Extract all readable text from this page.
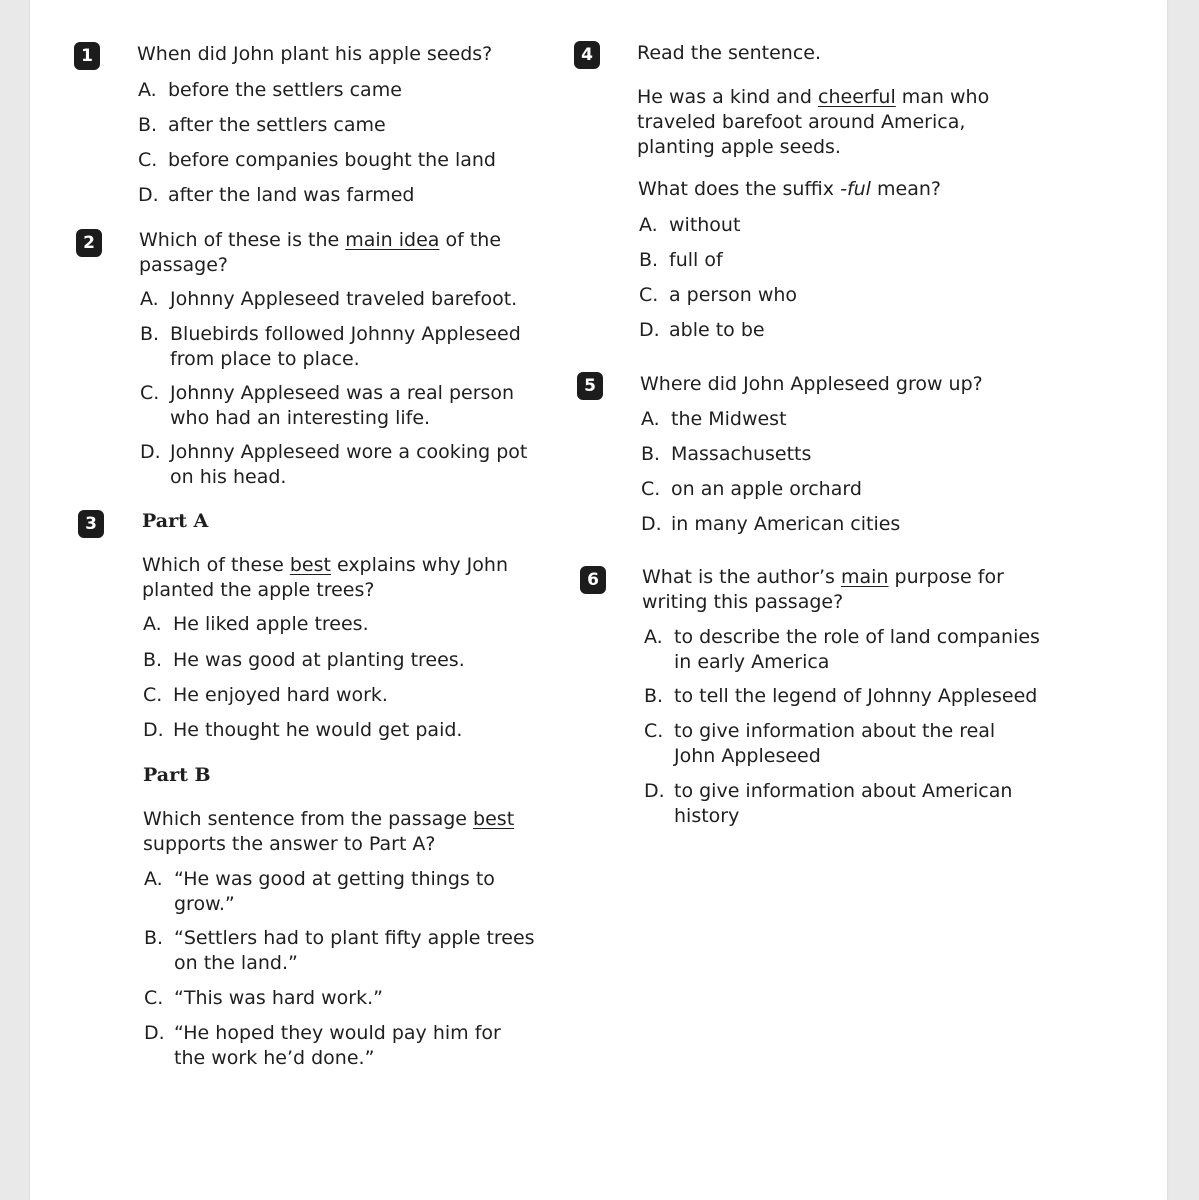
1	When did John plant his apple seeds?
A. before the settlers came
B. after the settlers came
C. before companies bought the land
D. after the land was farmed
2	Which of these is the main idea of the
passage?
A. Johnny Appleseed traveled barefoot.
B. Bluebirds followed Johnny Appleseed
from place to place.
C. Johnny Appleseed was a real person
who had an interesting life.
D. Johnny Appleseed wore a cooking pot
on his head.
3	Part A
Which of these best explains why John
planted the apple trees?
A. He liked apple trees.
B. He was good at planting trees.
C. He enjoyed hard work.
D. He thought he would get paid.
Part B
Which sentence from the passage best
supports the answer to Part A?
A. “He was good at getting things to
grow.”
B. “Settlers had to plant fifty apple trees
on the land.”
C. “This was hard work.”
D. “He hoped they would pay him for
the work he’d done.”
4	Read the sentence.
He was a kind and cheerful man who
traveled barefoot around America,
planting apple seeds.
What does the suffix -ful mean?
A. without
B. full of
C. a person who
D. able to be
5	Where did John Appleseed grow up?
A. the Midwest
B. Massachusetts
C. on an apple orchard
D. in many American cities
6	What is the author’s main purpose for
writing this passage?
A. to describe the role of land companies
in early America
B. to tell the legend of Johnny Appleseed
C. to give information about the real
John Appleseed
D. to give information about American
history
